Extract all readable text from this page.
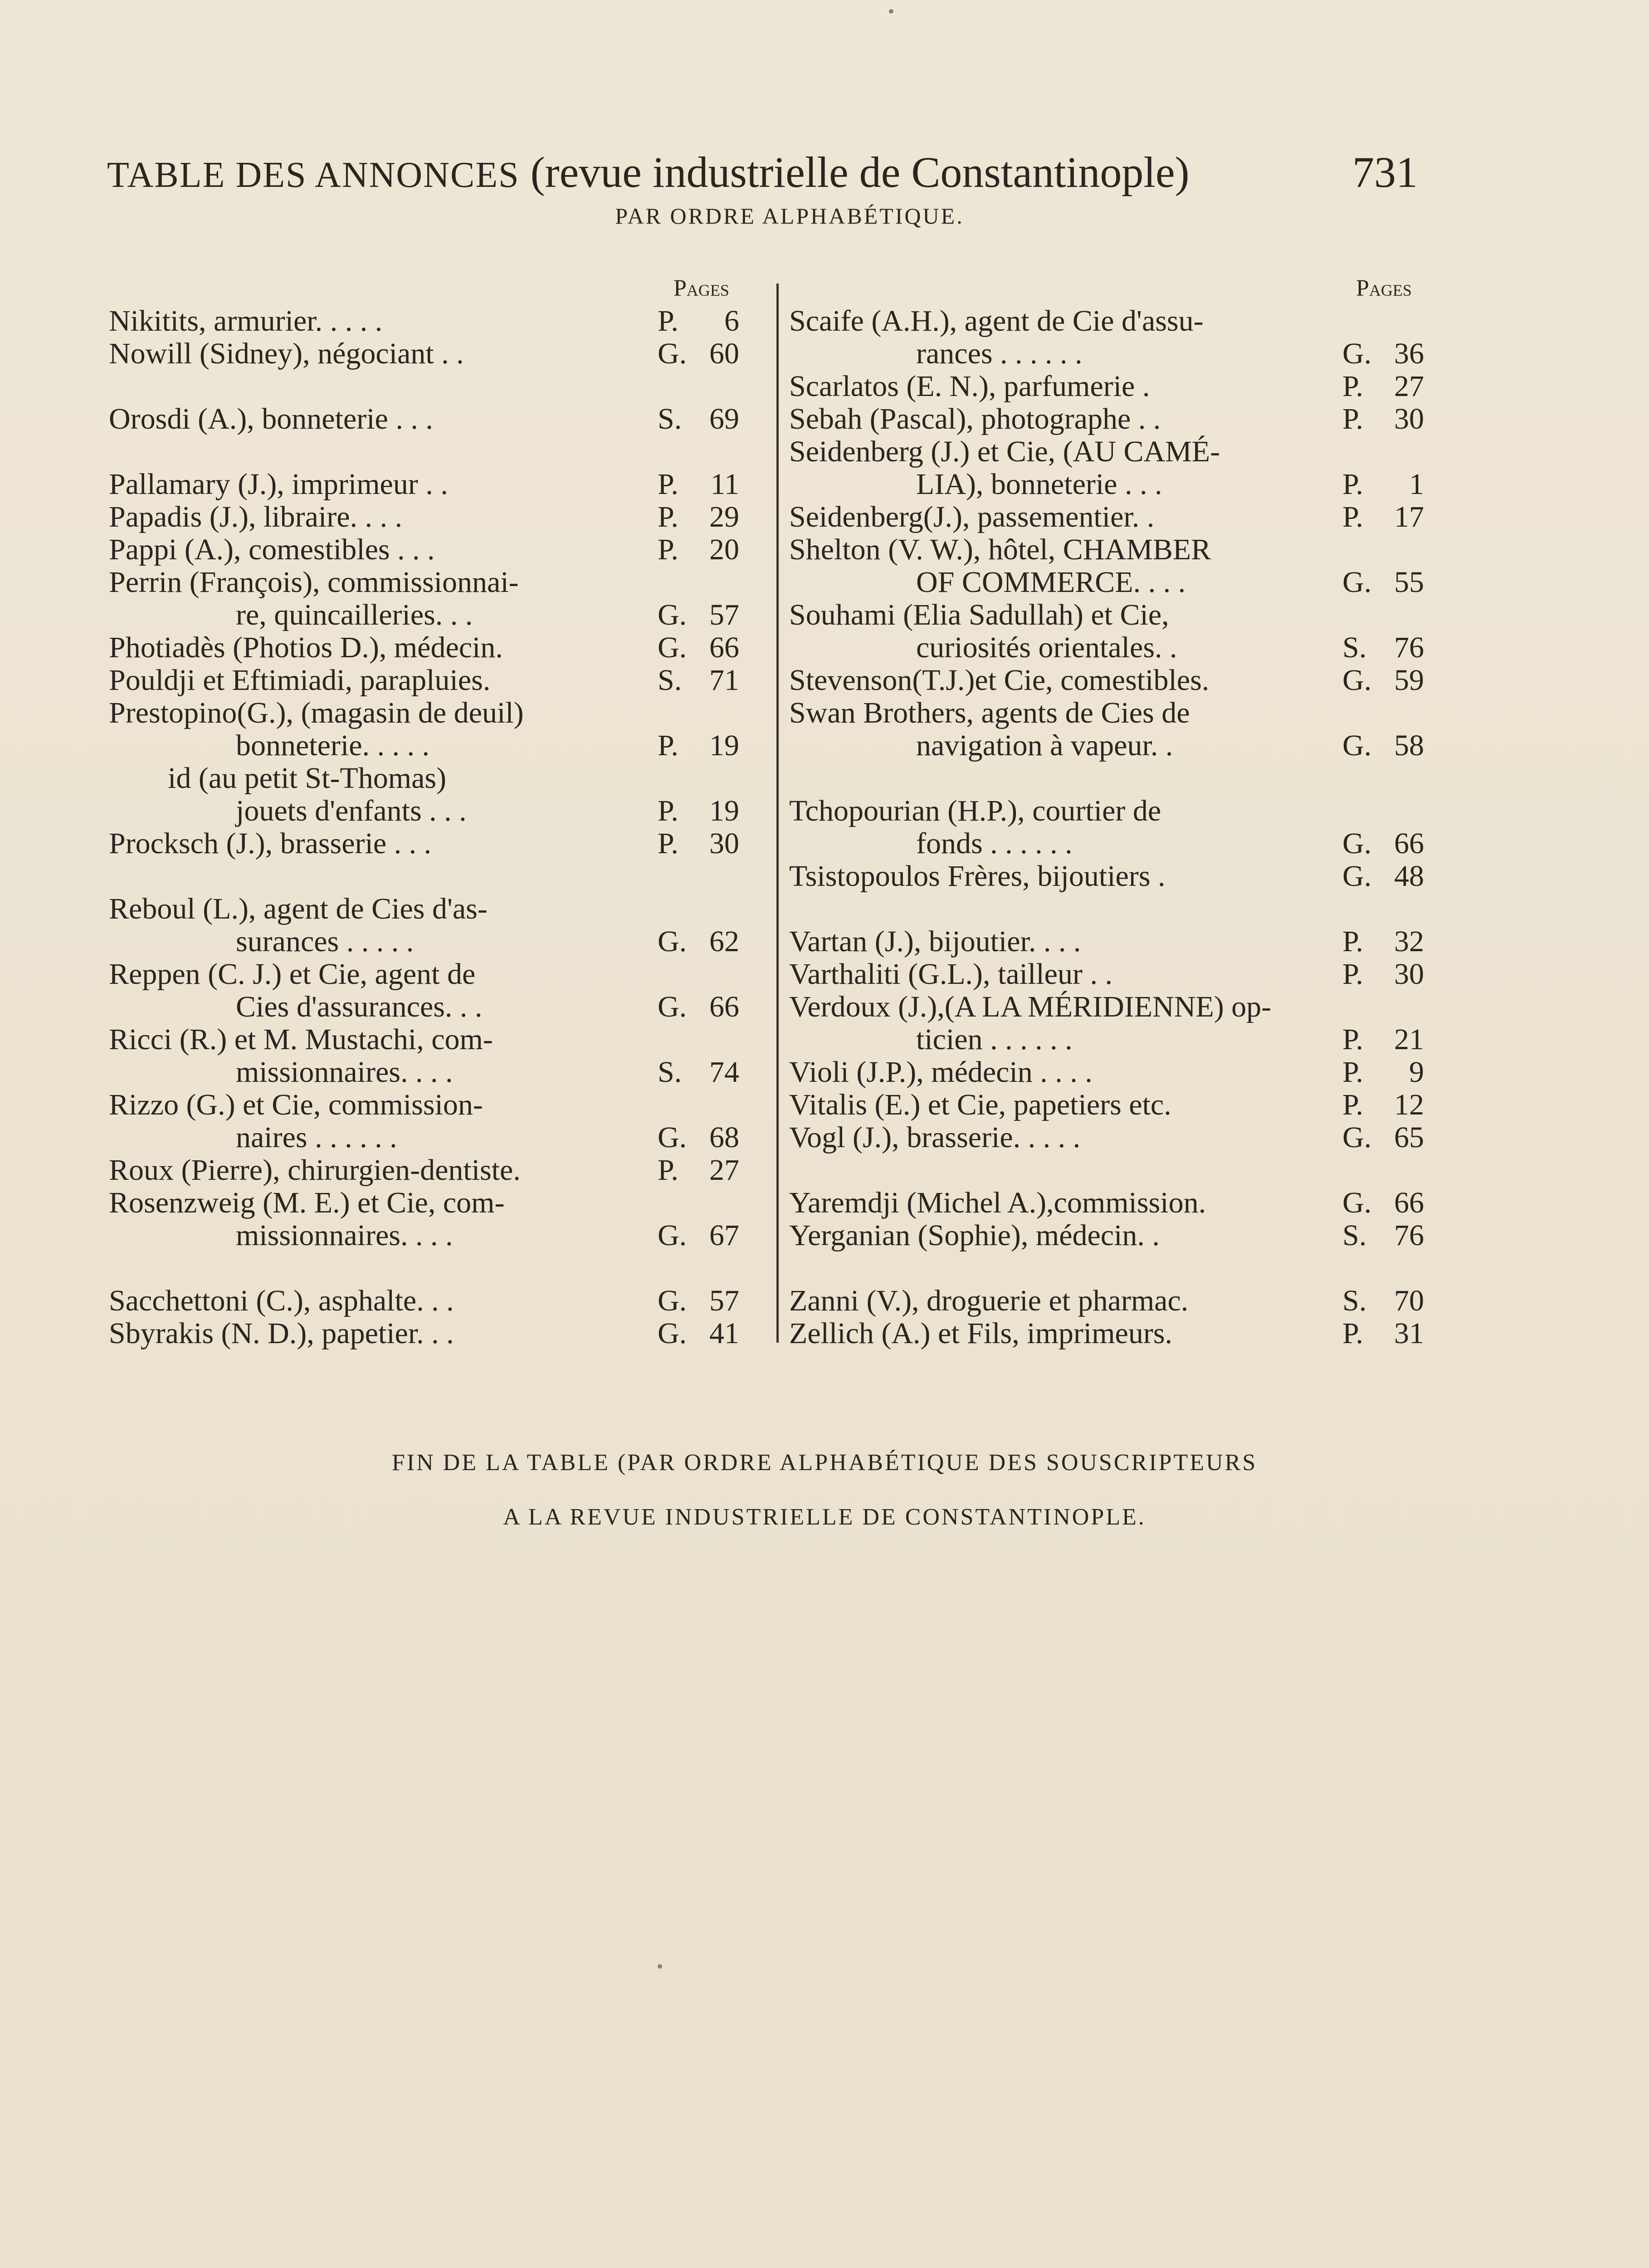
TABLE DES ANNONCES (revue industrielle de Constantinople)	731
PAR ORDRE ALPHABÉTIQUE.
Pages
Nikitits, armurier. . . . .	P.	6
Nowill (Sidney), négociant . .	G. 60
Orosdi (A.), bonneterie . . .	S. 69
Pallamary (J.), imprimeur . .	P.	11
Papadis (J.), libraire. . . .	P.	29
Pappi (A.), comestibles . . .	P.	20
Perrin (François), commissionnai-
re, quincailleries. . .	G. 57
Photiadès (Photios D.), médecin.	G. 66
Pouldji et Eftimiadi, parapluies.	S. 71
Prestopino(G.), (magasin de deuil)
bonneterie. . . . .	P.	19
id (au petit St-Thomas)
jouets d'enfants . . .	P.	19
Procksch (J.), brasserie . . .	P.	30
Reboul (L.), agent de Cies d'as-
surances . . . . .	G. 62
Reppen (C. J.) et Cie, agent de
Cies d'assurances. . .	G. 66
Ricci (R.) et M. Mustachi, com-
missionnaires. . . .	S. 74
Rizzo (G.) et Cie, commission-
naires . . . . . .	G. 68
Roux (Pierre), chirurgien-dentiste.	P.	27
Rosenzweig (M. E.) et Cie, com-
missionnaires. . . .	G. 67
Sacchettoni (C.), asphalte. . .	G. 57
Sbyrakis (N. D.), papetier. . .	G. 41
Pages
Scaife (A.H.), agent de Cie d'assu-
rances . . . . . .	G. 36
Scarlatos (E. N.), parfumerie .	P.	27
Sebah (Pascal), photographe . .	P.	30
Seidenberg (J.) et Cie, (AU CAMÉ-
LIA), bonneterie . . .	P.	1
Seidenberg(J.), passementier. .	P.	17
Shelton (V. W.), hôtel, CHAMBER
OF COMMERCE. . . .	G. 55
Souhami (Elia Sadullah) et Cie,
curiosités orientales. .	S. 76
Stevenson(T.J.)et Cie, comestibles.	G. 59
Swan Brothers, agents de Cies de
navigation à vapeur. .	G. 58
Tchopourian (H.P.), courtier de
fonds . . . . . .	G. 66
Tsistopoulos Frères, bijoutiers .	G. 48
Vartan (J.), bijoutier. . . .	P.	32
Varthaliti (G.L.), tailleur . .	P.	30
Verdoux (J.),(A LA MÉRIDIENNE) op-
ticien . . . . . .	P.	21
Violi (J.P.), médecin . . . .	P.	9
Vitalis (E.) et Cie, papetiers etc.	P.	12
Vogl (J.), brasserie. . . . .	G. 65
Yaremdji (Michel A.),commission.	G. 66
Yerganian (Sophie), médecin. .	S. 76
Zanni (V.), droguerie et pharmac.	S. 70
Zellich (A.) et Fils, imprimeurs.	P.	31
FIN DE LA TABLE (PAR ORDRE ALPHABÉTIQUE DES SOUSCRIPTEURS
A LA REVUE INDUSTRIELLE DE CONSTANTINOPLE.
